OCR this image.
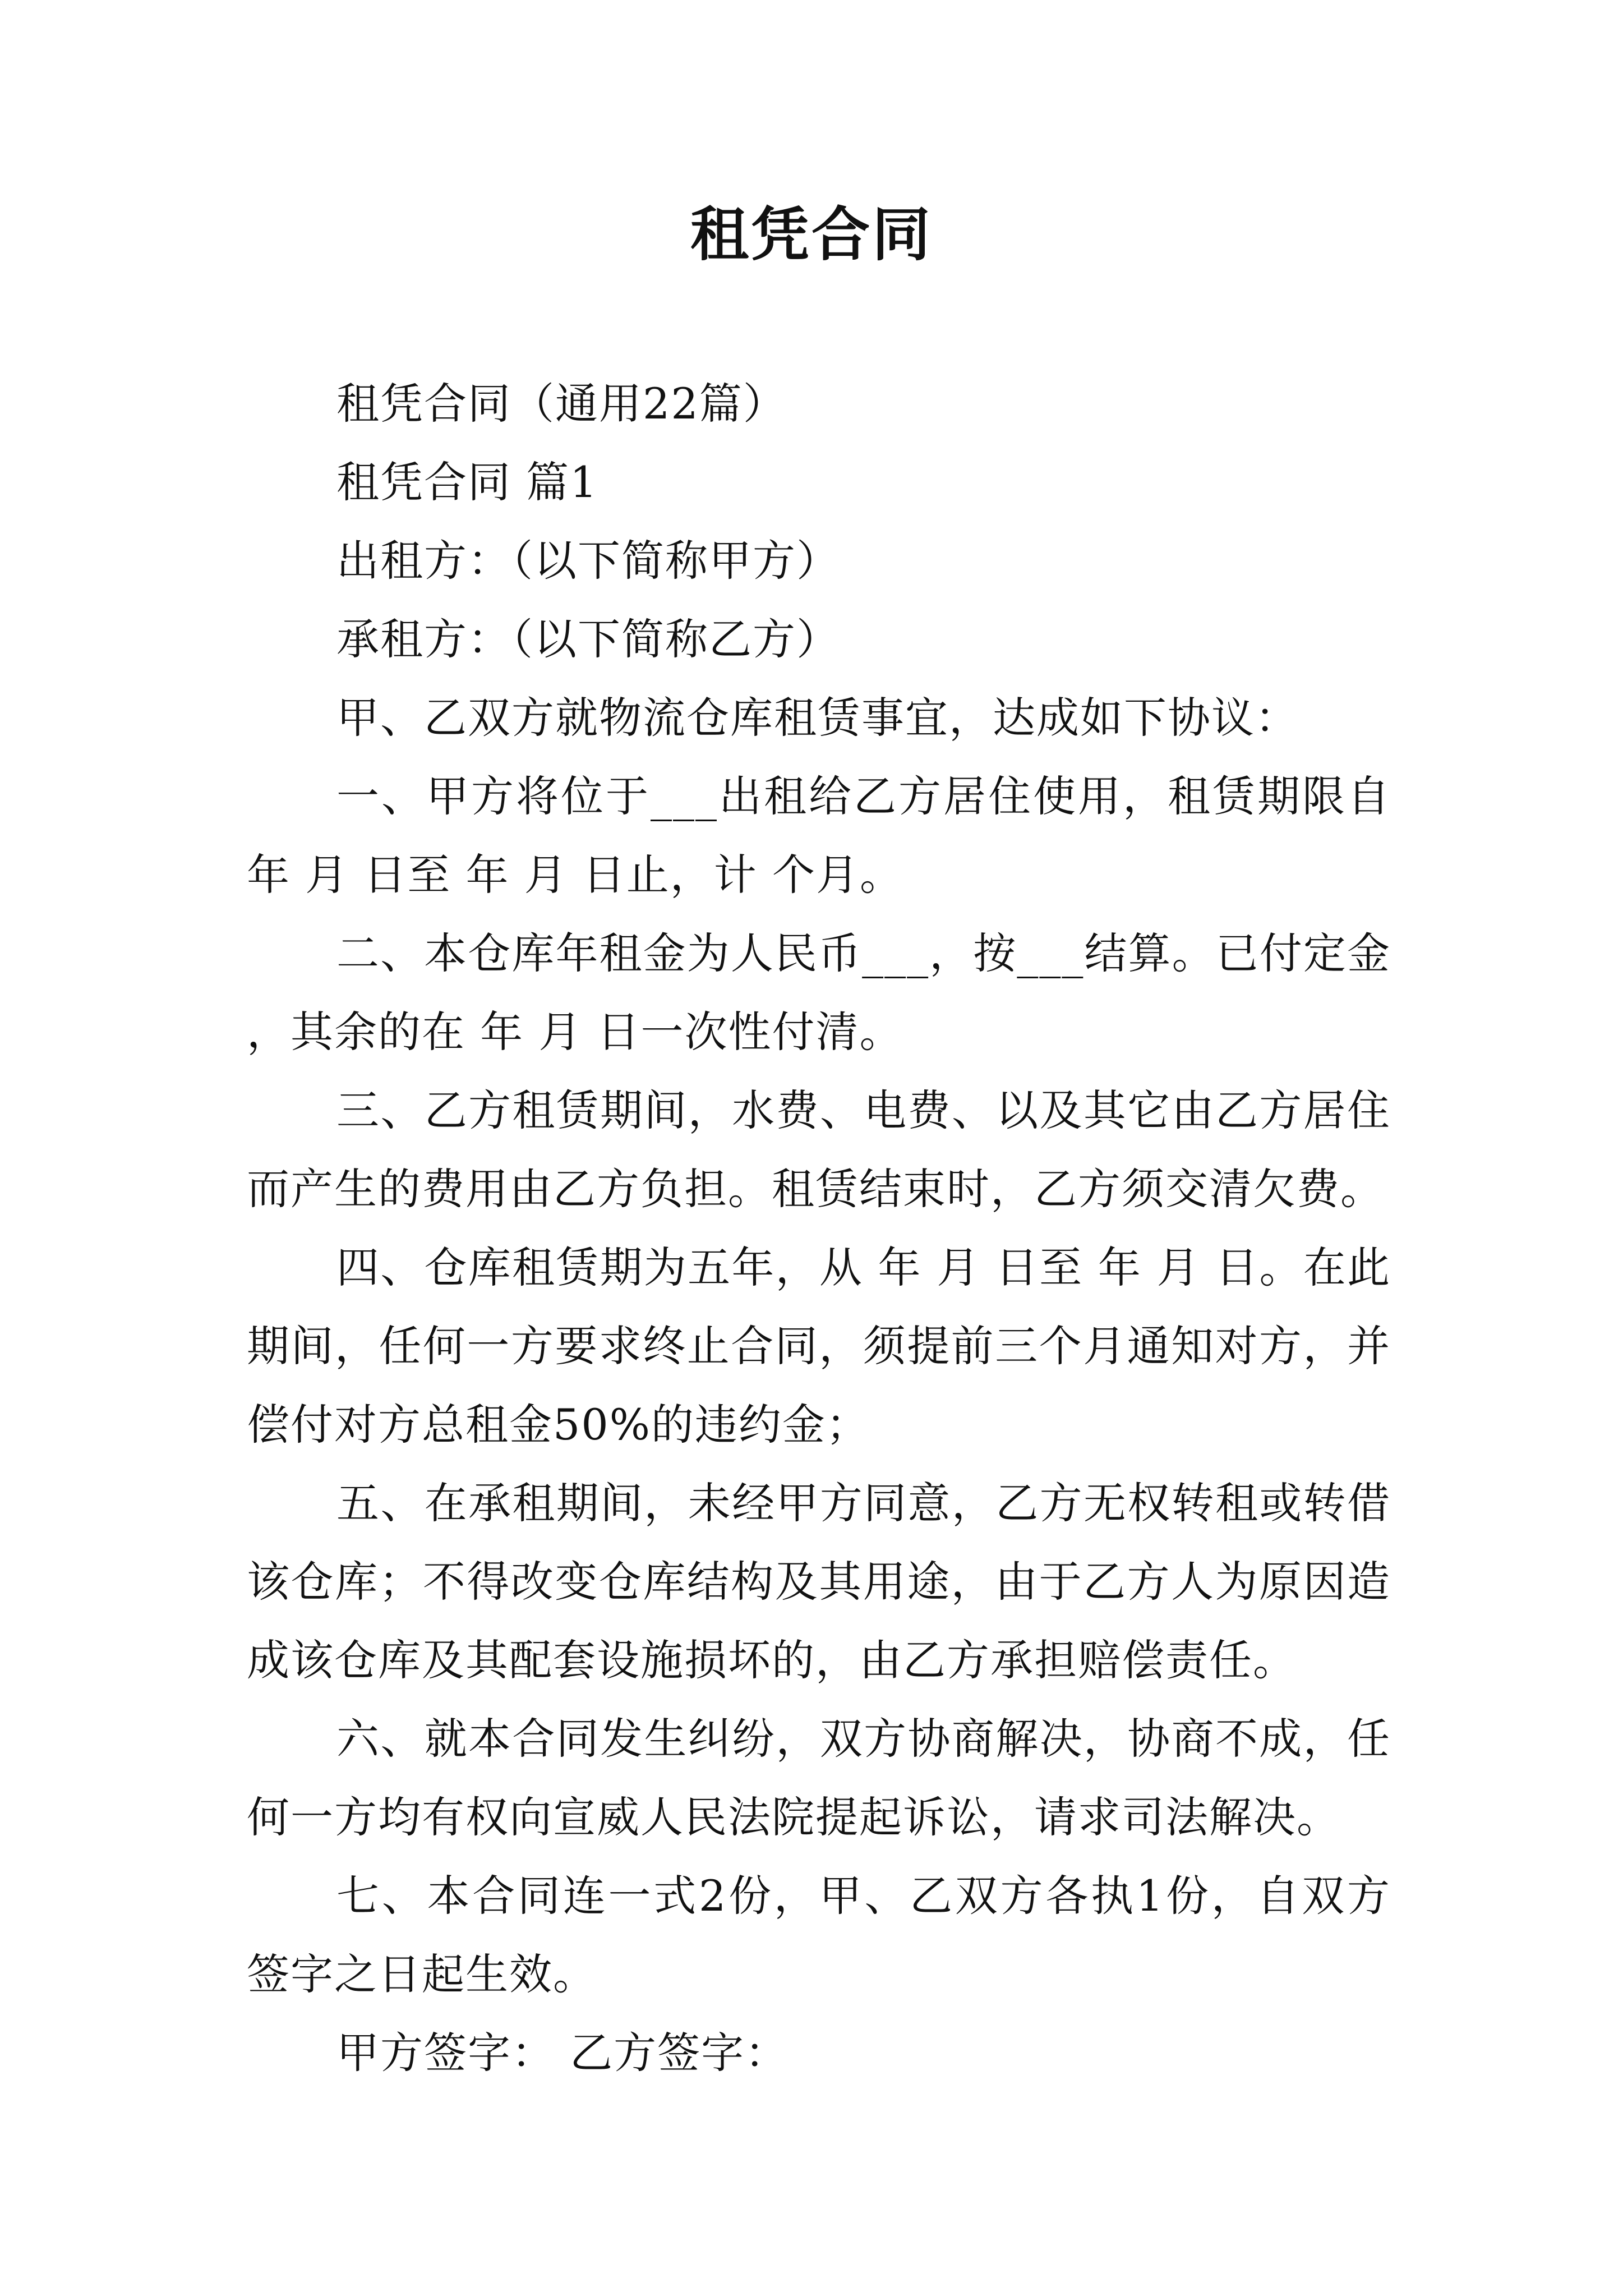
租凭合同

租凭合同（通用22篇）

租凭合同 篇1

出租方：（以下简称甲方）

承租方：（以下简称乙方）

甲、乙双方就物流仓库租赁事宜，达成如下协议：

一、甲方将位于___出租给乙方居住使用，租赁期限自 年 月 日至 年 月 日止，计 个月。

二、本仓库年租金为人民币___，按___结算。已付定金 ，其余的在 年 月 日一次性付清。

三、乙方租赁期间，水费、电费、以及其它由乙方居住而产生的费用由乙方负担。租赁结束时，乙方须交清欠费。

四、仓库租赁期为五年，从 年 月 日至 年 月 日。在此期间，任何一方要求终止合同，须提前三个月通知对方，并偿付对方总租金50%的违约金；

五、在承租期间，未经甲方同意，乙方无权转租或转借该仓库；不得改变仓库结构及其用途，由于乙方人为原因造成该仓库及其配套设施损坏的，由乙方承担赔偿责任。

六、就本合同发生纠纷，双方协商解决，协商不成，任何一方均有权向宣威人民法院提起诉讼，请求司法解决。

七、本合同连一式2份，甲、乙双方各执1份，自双方签字之日起生效。

甲方签字： 乙方签字：
